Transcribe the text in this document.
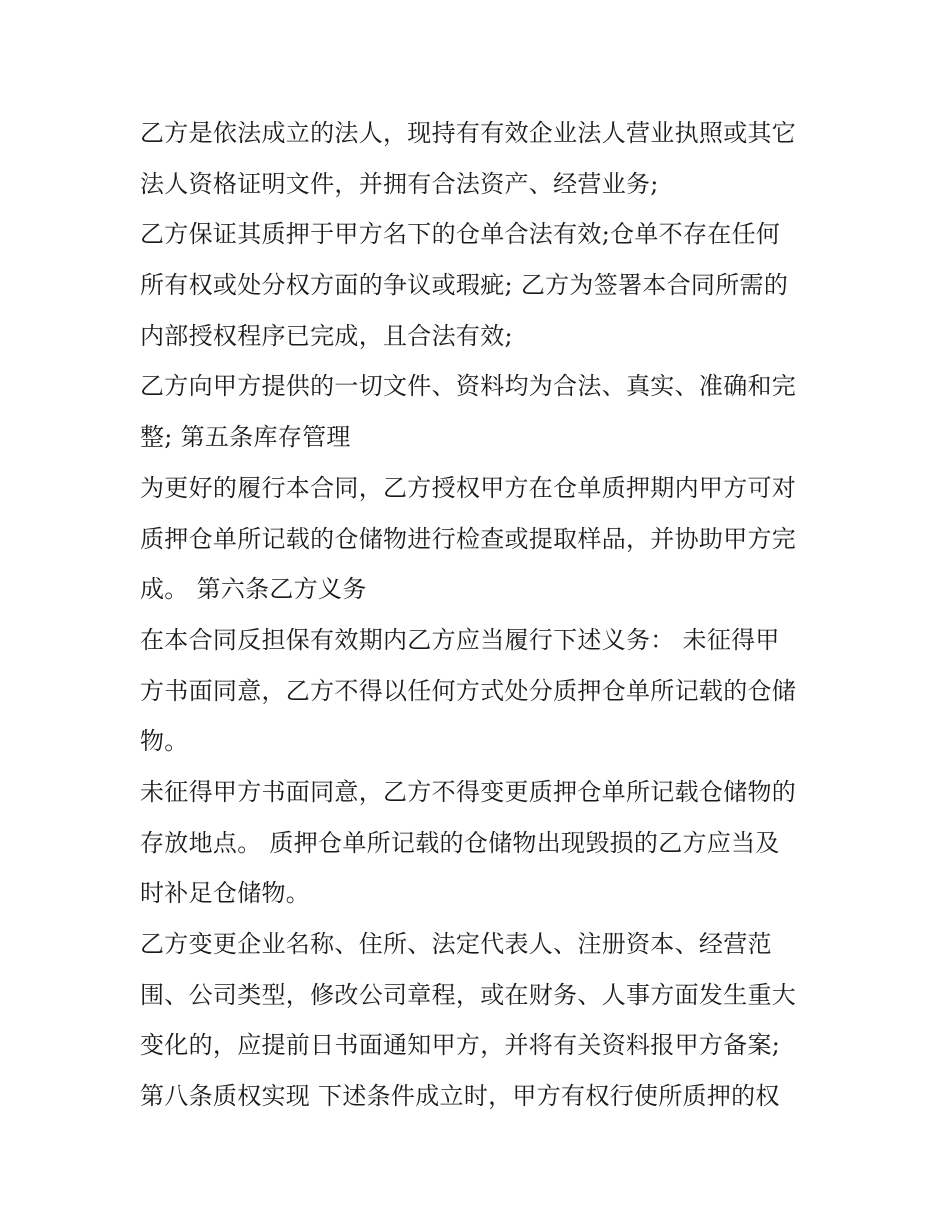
乙方是依法成立的法人，现持有有效企业法人营业执照或其它
法人资格证明文件，并拥有合法资产、经营业务;
乙方保证其质押于甲方名下的仓单合法有效;仓单不存在任何
所有权或处分权方面的争议或瑕疵; 乙方为签署本合同所需的
内部授权程序已完成，且合法有效;
乙方向甲方提供的一切文件、资料均为合法、真实、准确和完
整; 第五条库存管理
为更好的履行本合同，乙方授权甲方在仓单质押期内甲方可对
质押仓单所记载的仓储物进行检查或提取样品，并协助甲方完
成。 第六条乙方义务
在本合同反担保有效期内乙方应当履行下述义务： 未征得甲
方书面同意，乙方不得以任何方式处分质押仓单所记载的仓储
物。
未征得甲方书面同意，乙方不得变更质押仓单所记载仓储物的
存放地点。 质押仓单所记载的仓储物出现毁损的乙方应当及
时补足仓储物。
乙方变更企业名称、住所、法定代表人、注册资本、经营范
围、公司类型，修改公司章程，或在财务、人事方面发生重大
变化的，应提前日书面通知甲方，并将有关资料报甲方备案;
第八条质权实现 下述条件成立时，甲方有权行使所质押的权
